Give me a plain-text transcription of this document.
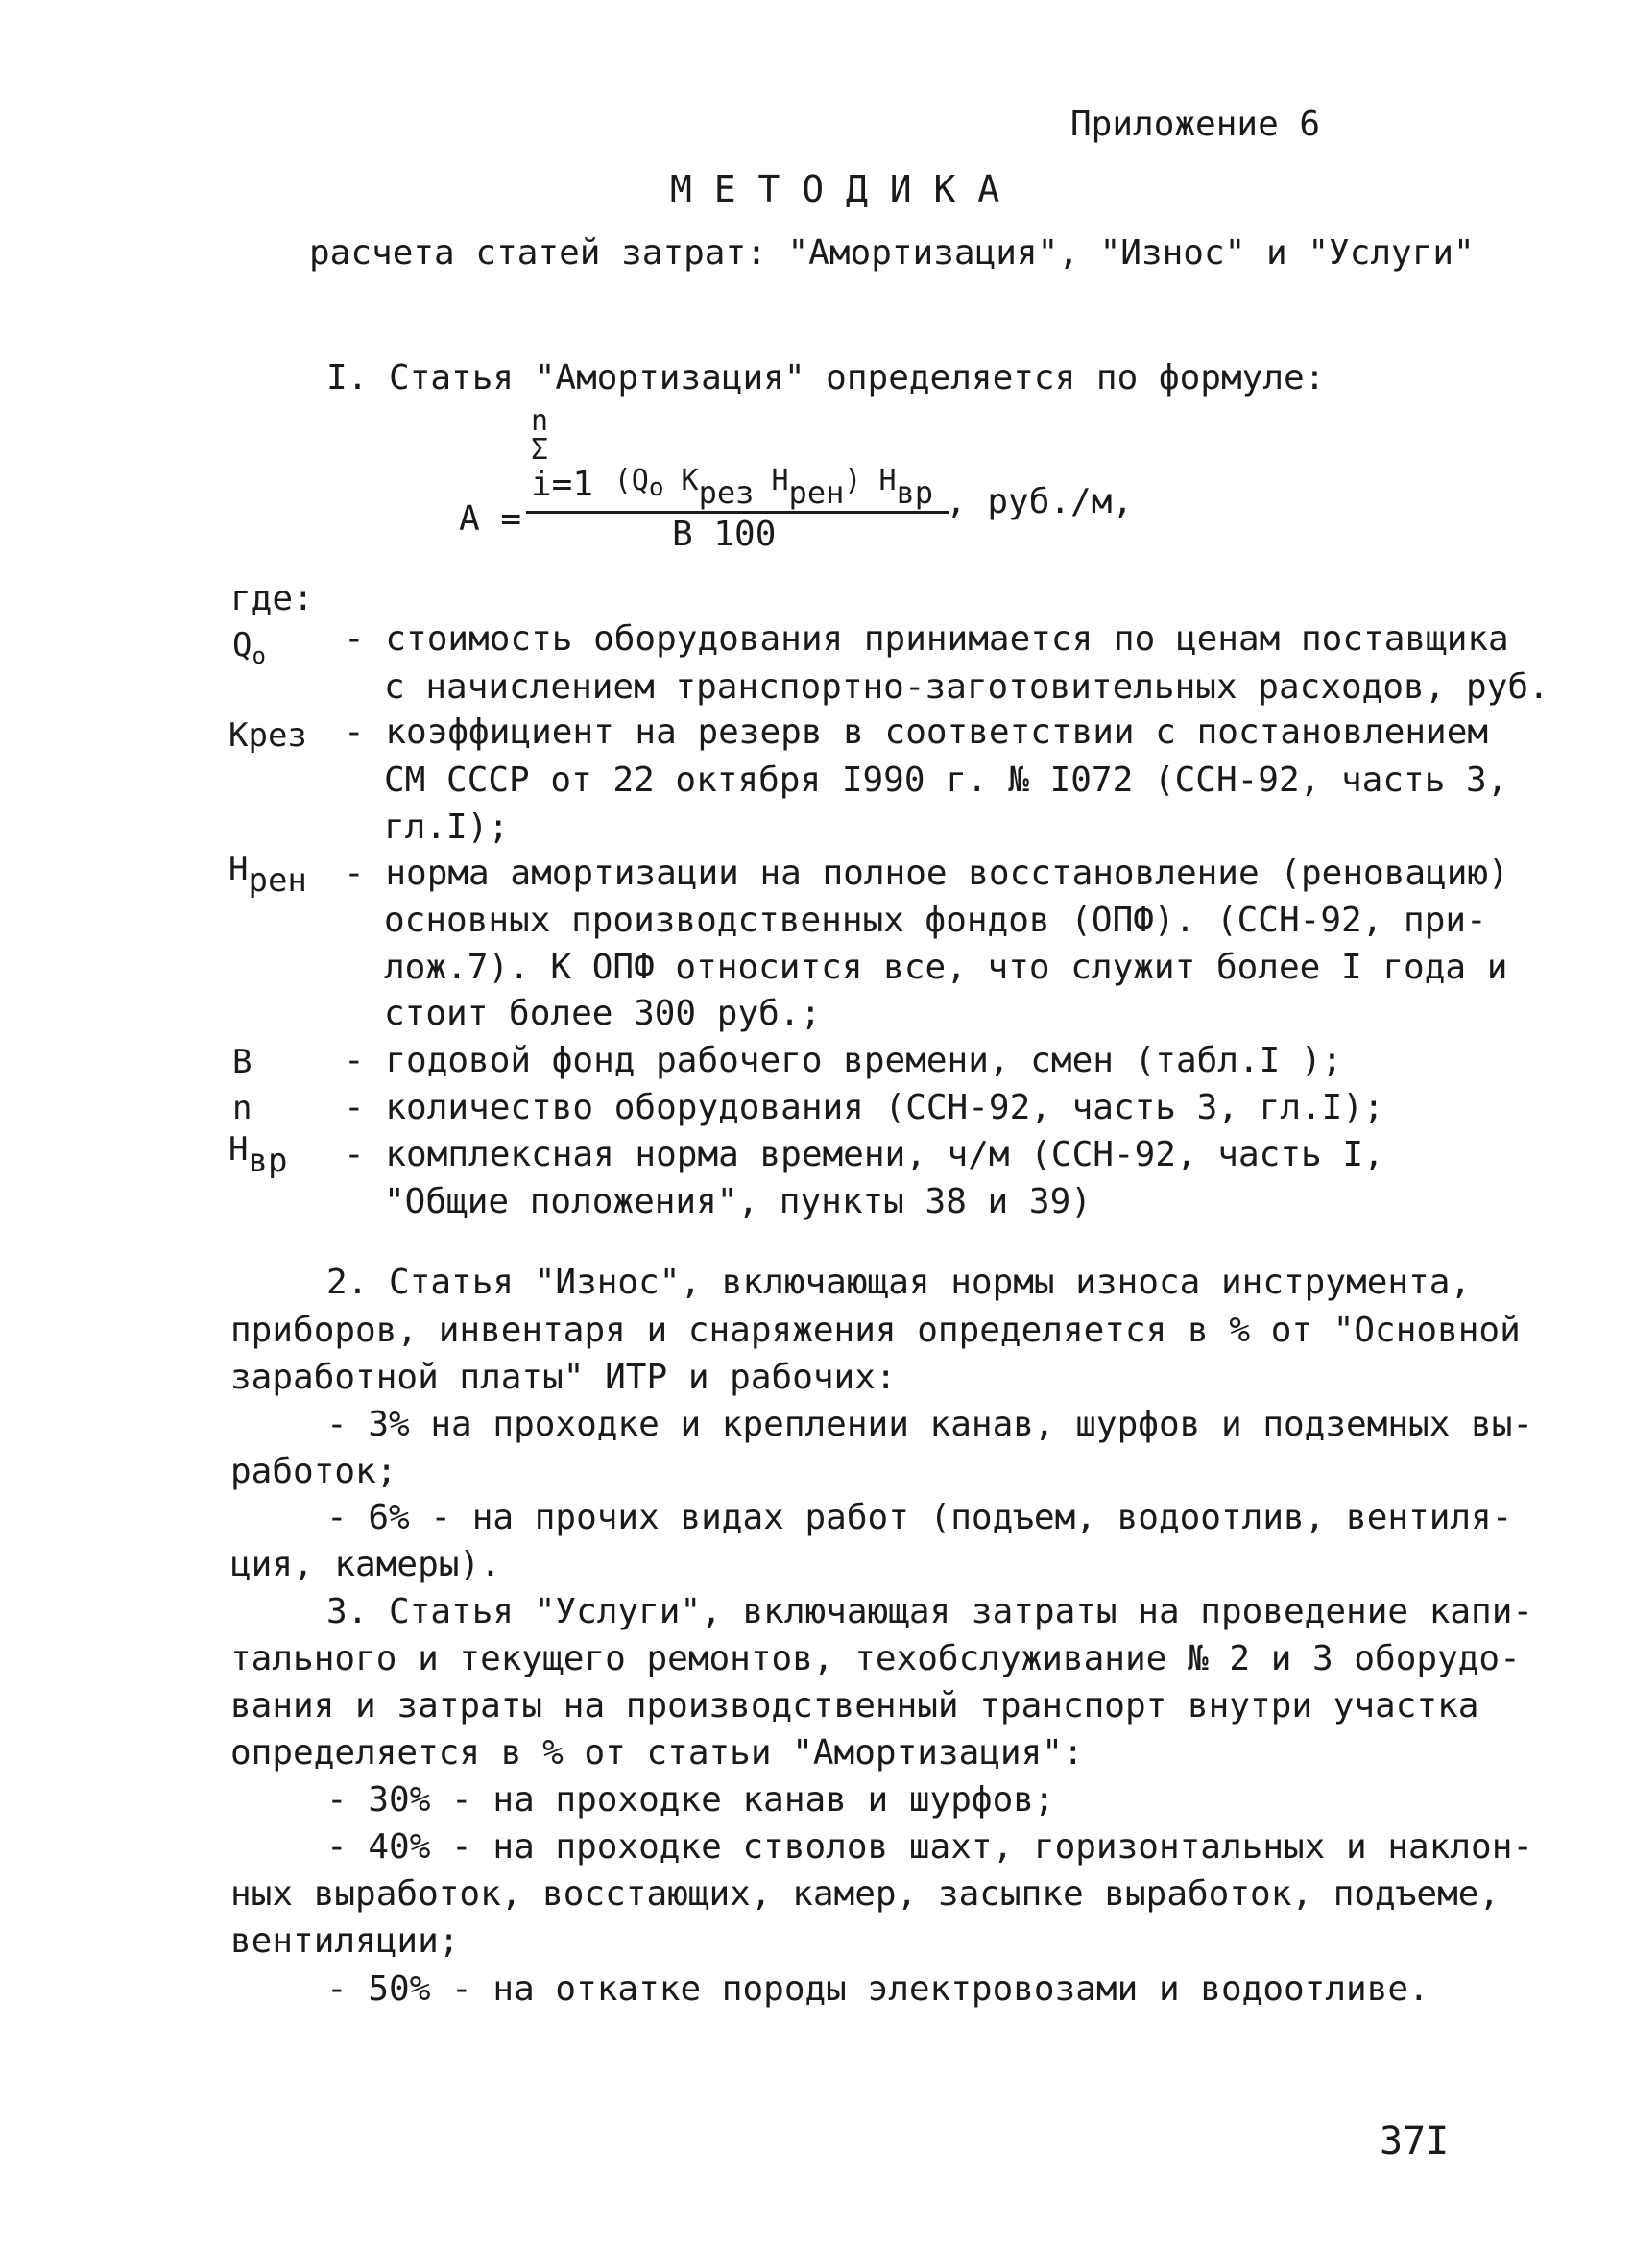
Приложение 6
М Е Т О Д И К А
расчета статей затрат: "Амортизация", "Износ" и "Услуги"
I. Статья "Амортизация" определяется по формуле:
n
Σ
А =
i=1 (Qo Крез Нрен) Нвр
В 100
, руб./м,
где:
$Q_o$ - стоимость оборудования принимается по ценам поставщика
с начислением транспортно-заготовительных расходов, руб.
Крез - коэффициент на резерв в соответствии с постановлением
СМ СССР от 22 октября I990 г. № I072 (ССН-92, часть 3,
гл.I);
Нрен - норма амортизации на полное восстановление (реновацию)
основных производственных фондов (ОПФ). (ССН-92, при-
лож.7). К ОПФ относится все, что служит более I года и
стоит более 300 руб.;
В	- годовой фонд рабочего времени, смен (табл.I );
n	- количество оборудования (ССН-92, часть 3, гл.I);
Нвр - комплексная норма времени, ч/м (ССН-92, часть I,
"Общие положения", пункты 38 и 39)
2. Статья "Износ", включающая нормы износа инструмента,
приборов, инвентаря и снаряжения определяется в % от "Основной
заработной платы" ИТР и рабочих:
- 3% на проходке и креплении канав, шурфов и подземных вы-
работок;
- 6% - на прочих видах работ (подъем, водоотлив, вентиля-
ция, камеры).
3. Статья "Услуги", включающая затраты на проведение капи-
тального и текущего ремонтов, техобслуживание № 2 и 3 оборудо-
вания и затраты на производственный транспорт внутри участка
определяется в % от статьи "Амортизация":
- 30% - на проходке канав и шурфов;
- 40% - на проходке стволов шахт, горизонтальных и наклон-
ных выработок, восстающих, камер, засыпке выработок, подъеме,
вентиляции;
- 50% - на откатке породы электровозами и водоотливе.
37I
